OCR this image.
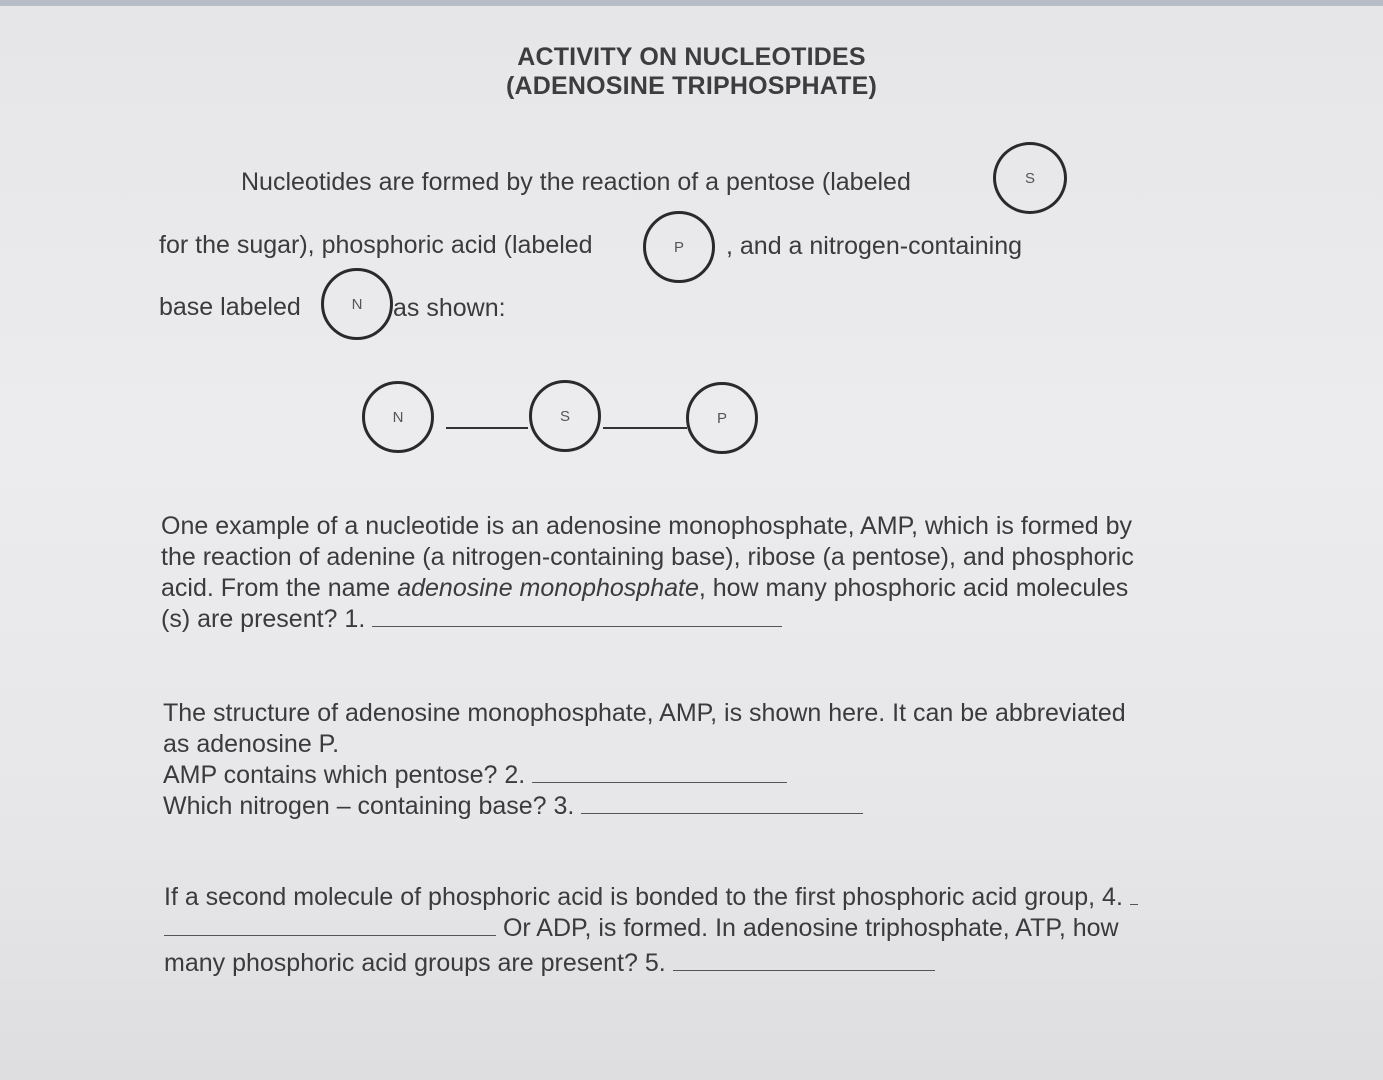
ACTIVITY ON NUCLEOTIDES
(ADENOSINE TRIPHOSPHATE)
Nucleotides are formed by the reaction of a pentose (labeled	S
for the sugar), phosphoric acid (labeled	P , and a nitrogen-containing
base labeled	N as shown:
N	S	P
One example of a nucleotide is an adenosine monophosphate, AMP, which is formed by
the reaction of adenine (a nitrogen-containing base), ribose (a pentose), and phosphoric
acid. From the name adenosine monophosphate, how many phosphoric acid molecules
(s) are present? 1.
The structure of adenosine monophosphate, AMP, is shown here. It can be abbreviated
as adenosine P.
AMP contains which pentose? 2.
Which nitrogen – containing base? 3.
If a second molecule of phosphoric acid is bonded to the first phosphoric acid group, 4.
Or ADP, is formed. In adenosine triphosphate, ATP, how
many phosphoric acid groups are present? 5.
